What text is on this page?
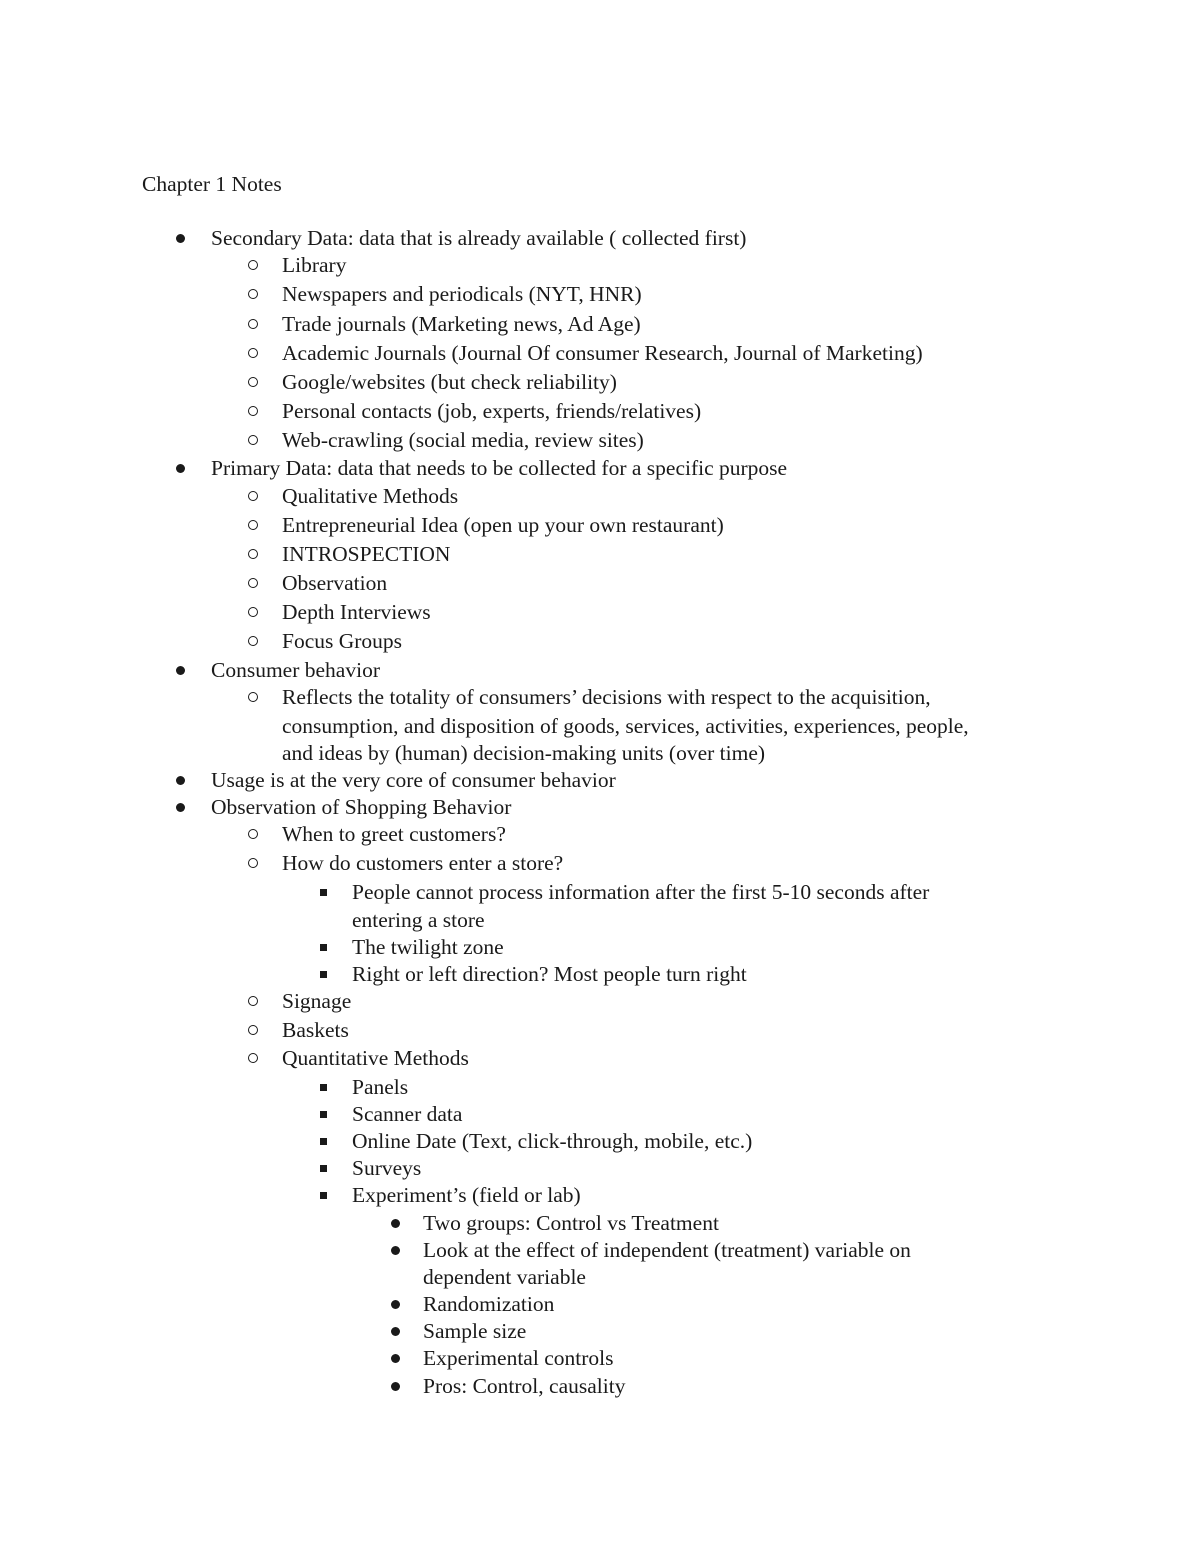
Chapter 1 Notes
Secondary Data: data that is already available ( collected first)
Library
Newspapers and periodicals (NYT, HNR)
Trade journals (Marketing news, Ad Age)
Academic Journals (Journal Of consumer Research, Journal of Marketing)
Google/websites (but check reliability)
Personal contacts (job, experts, friends/relatives)
Web-crawling (social media, review sites)
Primary Data: data that needs to be collected for a specific purpose
Qualitative Methods
Entrepreneurial Idea (open up your own restaurant)
INTROSPECTION
Observation
Depth Interviews
Focus Groups
Consumer behavior
Reflects the totality of consumers’ decisions with respect to the acquisition,
consumption, and disposition of goods, services, activities, experiences, people,
and ideas by (human) decision-making units (over time)
Usage is at the very core of consumer behavior
Observation of Shopping Behavior
When to greet customers?
How do customers enter a store?
People cannot process information after the first 5-10 seconds after
entering a store
The twilight zone
Right or left direction? Most people turn right
Signage
Baskets
Quantitative Methods
Panels
Scanner data
Online Date (Text, click-through, mobile, etc.)
Surveys
Experiment’s (field or lab)
Two groups: Control vs Treatment
Look at the effect of independent (treatment) variable on
dependent variable
Randomization
Sample size
Experimental controls
Pros: Control, causality
